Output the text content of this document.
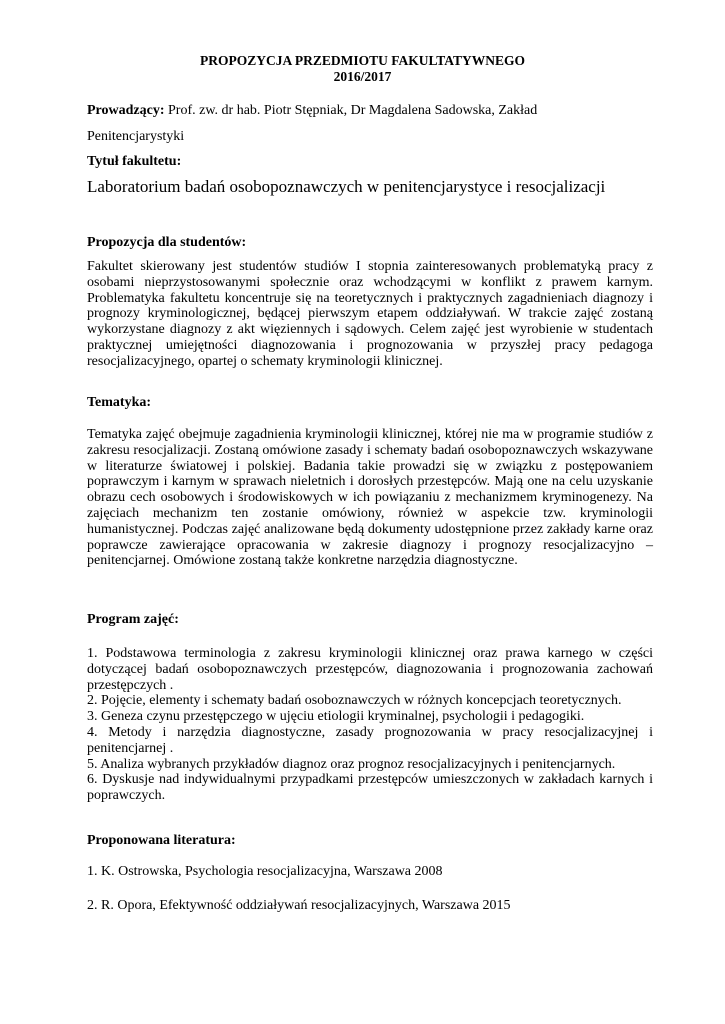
PROPOZYCJA PRZEDMIOTU FAKULTATYWNEGO
2016/2017
Prowadzący: Prof. zw. dr hab. Piotr Stępniak, Dr Magdalena Sadowska, Zakład
Penitencjarystyki
Tytuł fakultetu:
Laboratorium badań osobopoznawczych w penitencjarystyce i resocjalizacji
Propozycja dla studentów:
Fakultet skierowany jest studentów studiów I stopnia zainteresowanych problematyką pracy z osobami nieprzystosowanymi społecznie oraz wchodzącymi w konflikt z prawem karnym. Problematyka fakultetu koncentruje się na teoretycznych i praktycznych zagadnieniach diagnozy i prognozy kryminologicznej, będącej pierwszym etapem oddziaływań. W trakcie zajęć zostaną wykorzystane diagnozy z akt więziennych i sądowych. Celem zajęć jest wyrobienie w studentach praktycznej umiejętności diagnozowania i prognozowania w przyszłej pracy pedagoga resocjalizacyjnego, opartej o schematy kryminologii klinicznej.
Tematyka:
Tematyka zajęć obejmuje zagadnienia kryminologii klinicznej, której nie ma w programie studiów z zakresu resocjalizacji. Zostaną omówione zasady i schematy badań osobopoznawczych wskazywane w literaturze światowej i polskiej. Badania takie prowadzi się w związku z postępowaniem poprawczym i karnym w sprawach nieletnich i dorosłych przestępców. Mają one na celu uzyskanie obrazu cech osobowych i środowiskowych w ich powiązaniu z mechanizmem kryminogenezy. Na zajęciach mechanizm ten zostanie omówiony, również w aspekcie tzw. kryminologii humanistycznej. Podczas zajęć analizowane będą dokumenty udostępnione przez zakłady karne oraz poprawcze zawierające opracowania w zakresie diagnozy i prognozy resocjalizacyjno – penitencjarnej. Omówione zostaną także konkretne narzędzia diagnostyczne.
Program zajęć:

1. Podstawowa terminologia z zakresu kryminologii klinicznej oraz prawa karnego w części dotyczącej badań osobopoznawczych przestępców, diagnozowania i prognozowania zachowań przestępczych .

2. Pojęcie, elementy i schematy badań osoboznawczych w różnych koncepcjach teoretycznych.

3. Geneza czynu przestępczego w ujęciu etiologii kryminalnej, psychologii i pedagogiki.

4. Metody i narzędzia diagnostyczne, zasady prognozowania w pracy resocjalizacyjnej i penitencjarnej .

5. Analiza wybranych przykładów diagnoz oraz prognoz resocjalizacyjnych i penitencjarnych.

6. Dyskusje nad indywidualnymi przypadkami przestępców umieszczonych w zakładach karnych i poprawczych.

Proponowana literatura:
1. K. Ostrowska, Psychologia resocjalizacyjna, Warszawa 2008
2. R. Opora, Efektywność oddziaływań resocjalizacyjnych, Warszawa 2015
